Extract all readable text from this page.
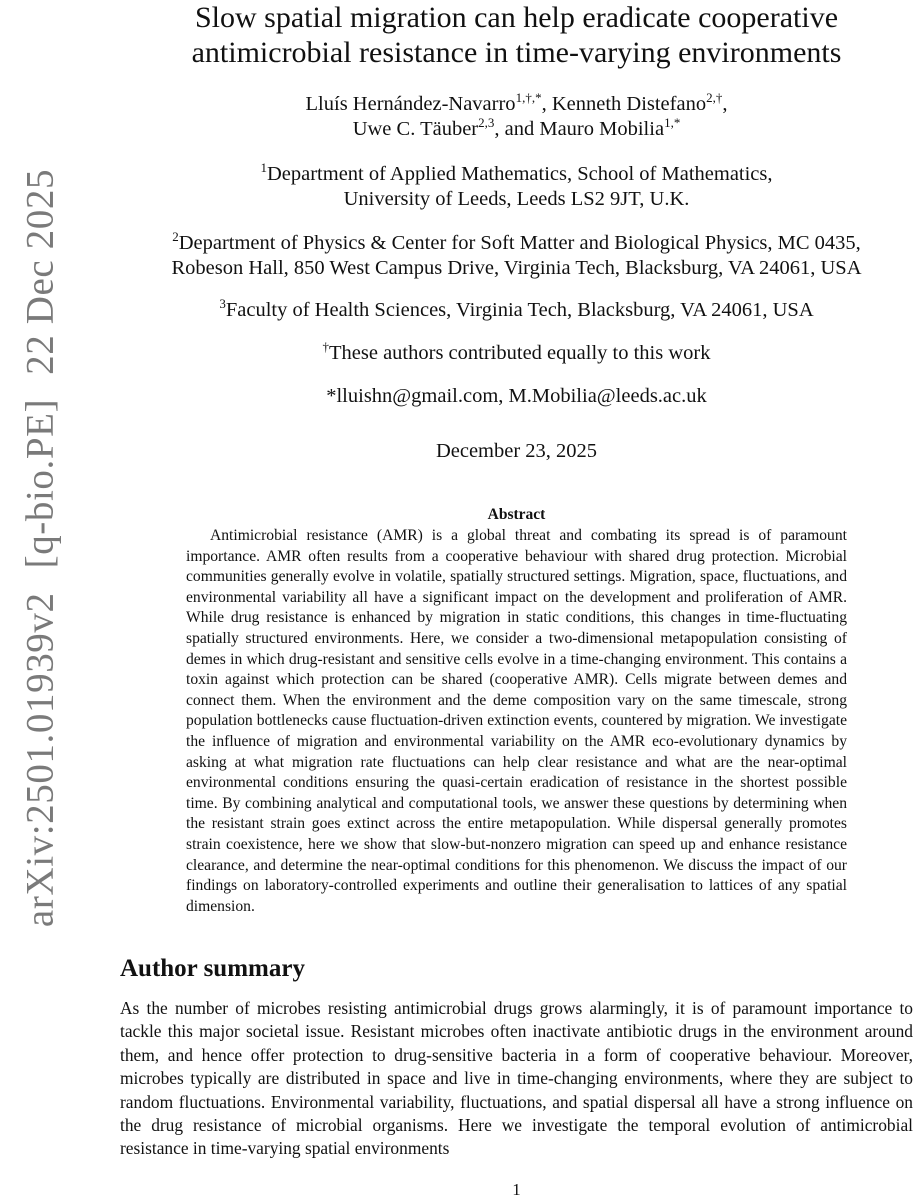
arXiv:2501.01939v2[q-bio.PE]22 Dec 2025
Slow spatial migration can help eradicate cooperative
antimicrobial resistance in time-varying environments
Lluís Hernández-Navarro$^{1,\dagger,*}$, Kenneth Distefano$^{2,\dagger}$,
Uwe C. Täuber$^{2,3}$, and Mauro Mobilia$^{1,*}$
$^1$Department of Applied Mathematics, School of Mathematics,
University of Leeds, Leeds LS2 9JT, U.K.
$^2$Department of Physics & Center for Soft Matter and Biological Physics, MC 0435,
Robeson Hall, 850 West Campus Drive, Virginia Tech, Blacksburg, VA 24061, USA
$^3$Faculty of Health Sciences, Virginia Tech, Blacksburg, VA 24061, USA
†These authors contributed equally to this work
*lluishn@gmail.com, M.Mobilia@leeds.ac.uk
December 23, 2025
Abstract

Antimicrobial resistance (AMR) is a global threat and combating its spread is of paramount importance. AMR often results from a cooperative behaviour with shared drug protection. Microbial communities generally evolve in volatile, spatially structured settings. Migration, space, fluctuations, and environmental variability all have a significant impact on the development and proliferation of AMR. While drug resistance is enhanced by migration in static conditions, this changes in time-fluctuating spatially structured environments. Here, we consider a two-dimensional metapopulation consisting of demes in which drug-resistant and sensitive cells evolve in a time-changing environment. This contains a toxin against which protection can be shared (cooperative AMR). Cells migrate between demes and connect them. When the environment and the deme composition vary on the same timescale, strong population bottlenecks cause fluctuation-driven extinction events, countered by migration. We investigate the influence of migration and environmental variability on the AMR eco-evolutionary dynamics by asking at what migration rate fluctuations can help clear resistance and what are the near-optimal environmental conditions ensuring the quasi-certain eradication of resistance in the shortest possible time. By combining analytical and computational tools, we answer these questions by determining when the resistant strain goes extinct across the entire metapopulation. While dispersal generally promotes strain coexistence, here we show that slow-but-nonzero migration can speed up and enhance resistance clearance, and determine the near-optimal conditions for this phenomenon. We discuss the impact of our findings on laboratory-controlled experiments and outline their generalisation to lattices of any spatial dimension.

Author summary

As the number of microbes resisting antimicrobial drugs grows alarmingly, it is of paramount importance to tackle this major societal issue. Resistant microbes often inactivate antibiotic drugs in the environment around them, and hence offer protection to drug-sensitive bacteria in a form of cooperative behaviour. Moreover, microbes typically are distributed in space and live in time-changing environments, where they are subject to random fluctuations. Environmental variability, fluctuations, and spatial dispersal all have a strong influence on the drug resistance of microbial organisms. Here we investigate the temporal evolution of antimicrobial resistance in time-varying spatial environments

1
